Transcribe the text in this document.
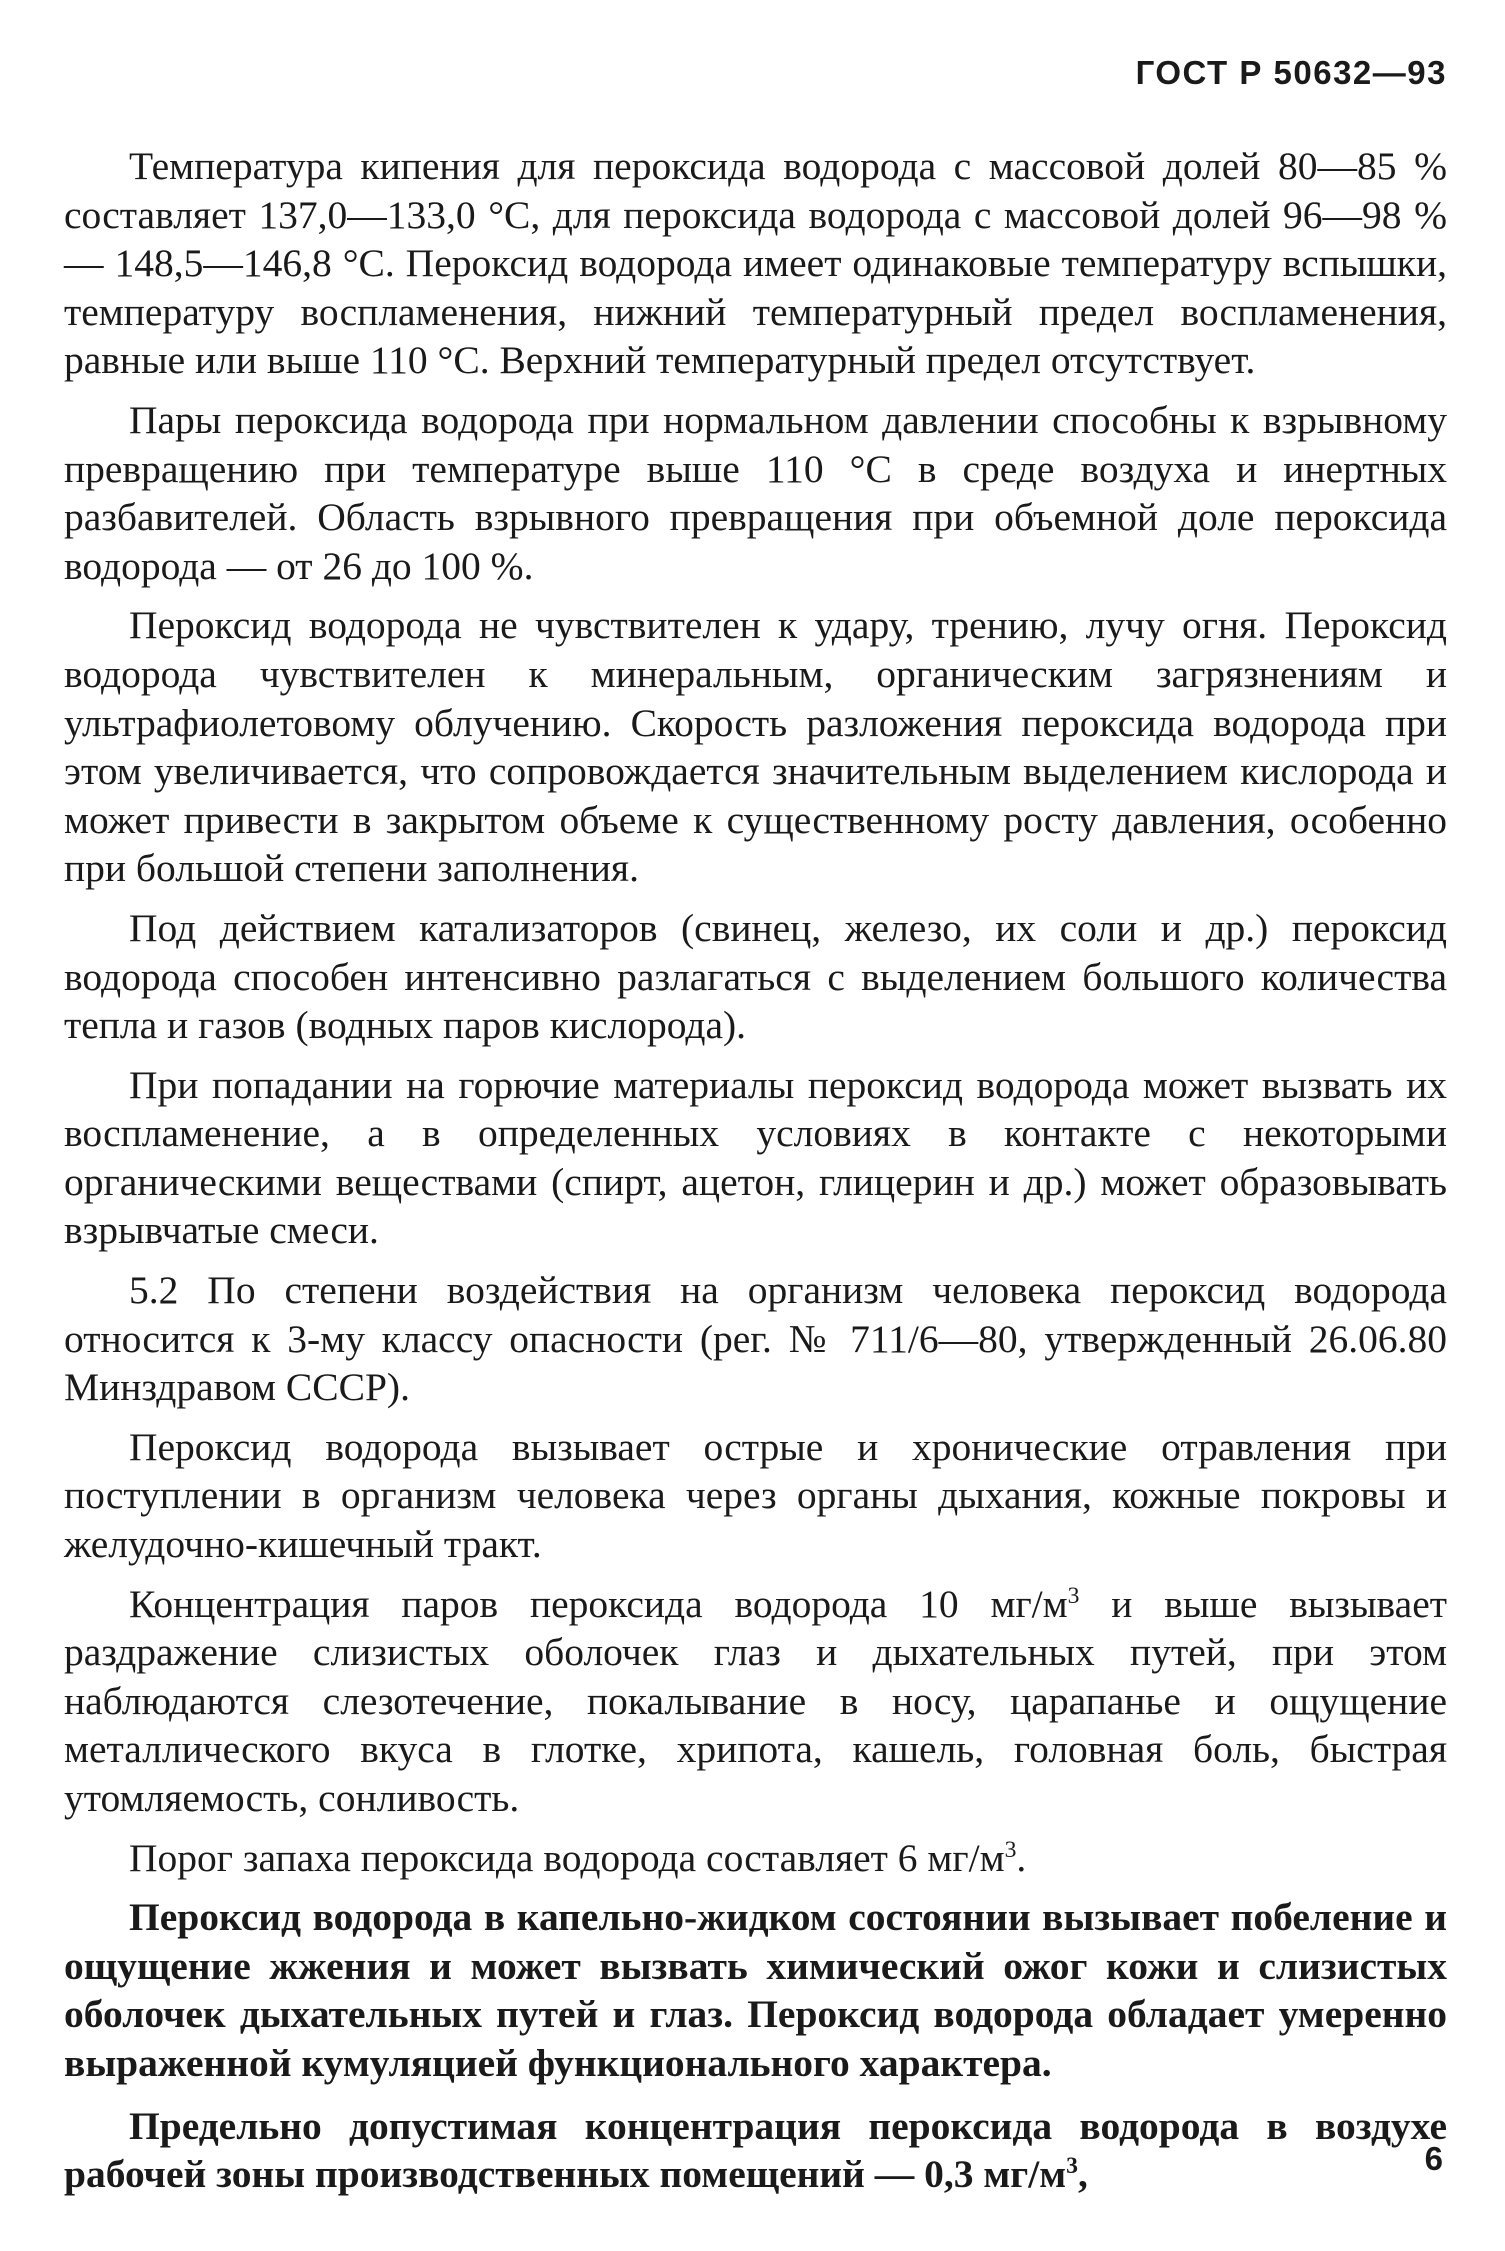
ГОСТ Р 50632—93

Температура кипения для пероксида водорода с массовой долей 80—85 % составляет 137,0—133,0 °С, для пероксида водорода с массовой долей 96—98 % — 148,5—146,8 °С. Пероксид водорода имеет одинаковые температуру вспышки, температуру воспламенения, нижний температурный предел воспламенения, равные или выше 110 °С. Верхний температурный предел отсутствует.

Пары пероксида водорода при нормальном давлении способны к взрывному превращению при температуре выше 110 °С в среде воздуха и инертных разбавителей. Область взрывного превращения при объемной доле пероксида водорода — от 26 до 100 %.

Пероксид водорода не чувствителен к удару, трению, лучу огня. Пероксид водорода чувствителен к минеральным, органическим загрязнениям и ультрафиолетовому облучению. Скорость разложения пероксида водорода при этом увеличивается, что сопровождается значительным выделением кислорода и может привести в закрытом объеме к существенному росту давления, особенно при большой степени заполнения.

Под действием катализаторов (свинец, железо, их соли и др.) пероксид водорода способен интенсивно разлагаться с выделением большого количества тепла и газов (водных паров кислорода).

При попадании на горючие материалы пероксид водорода может вызвать их воспламенение, а в определенных условиях в контакте с некоторыми органическими веществами (спирт, ацетон, глицерин и др.) может образовывать взрывчатые смеси.

5.2 По степени воздействия на организм человека пероксид водорода относится к 3-му классу опасности (рег. № 711/6—80, утвержденный 26.06.80 Минздравом СССР).

Пероксид водорода вызывает острые и хронические отравления при поступлении в организм человека через органы дыхания, кожные покровы и желудочно-кишечный тракт.

Концентрация паров пероксида водорода 10 $мг/м^3$ и выше вызывает раздражение слизистых оболочек глаз и дыхательных путей, при этом наблюдаются слезотечение, покалывание в носу, царапанье и ощущение металлического вкуса в глотке, хрипота, кашель, головная боль, быстрая утомляемость, сонливость.

Порог запаха пероксида водорода составляет 6 $мг/м^3$.

Пероксид водорода в капельно-жидком состоянии вызывает побеление и ощущение жжения и может вызвать химический ожог кожи и слизистых оболочек дыхательных путей и глаз. Пероксид водорода обладает умеренно выраженной кумуляцией функционального характера.

Предельно допустимая концентрация пероксида водорода в воздухе рабочей зоны производственных помещений — 0,3 $мг/м^3$,	6
